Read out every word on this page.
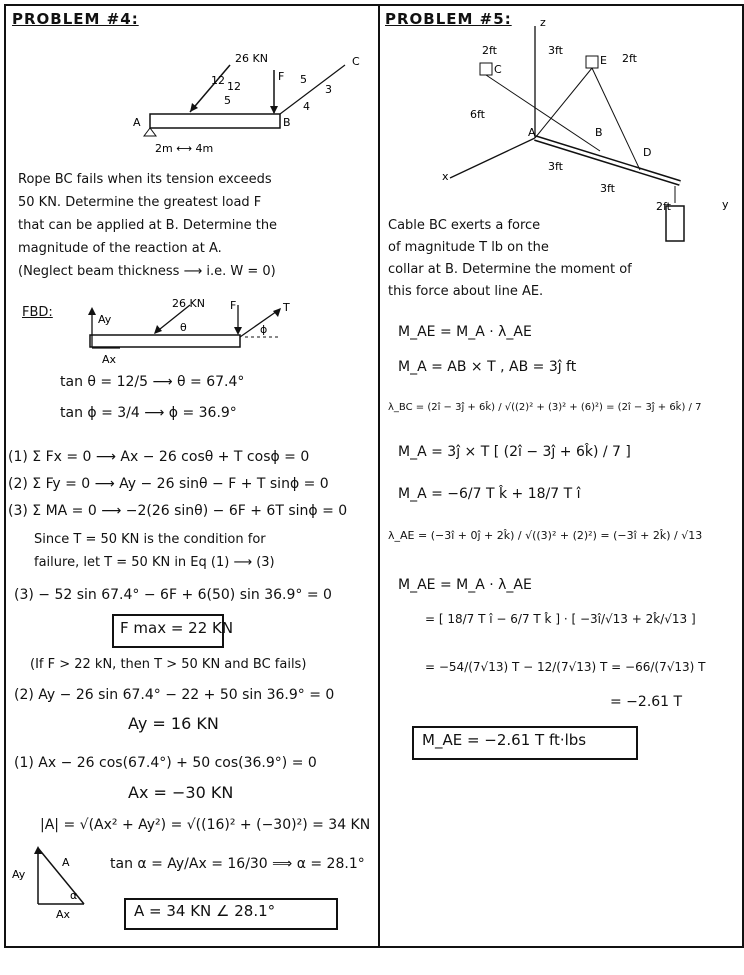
PROBLEM #4:
26 KN
12 12
5
F 5
3
4
C
A	B
2m ⟷ 4m
Rope BC fails when its tension exceeds
50 KN. Determine the greatest load F
that can be applied at B. Determine the
magnitude of the reaction at A.
(Neglect beam thickness ⟶ i.e. W = 0)
FBD:	Ay
Ax
26 KN
θ
F	T
ϕ
tan θ = 12/5 ⟶ θ = 67.4°
tan ϕ = 3/4 ⟶ ϕ = 36.9°
(1) Σ Fx = 0 ⟶ Ax − 26 cosθ + T cosϕ = 0
(2) Σ Fy = 0 ⟶ Ay − 26 sinθ − F + T sinϕ = 0
(3) Σ MA = 0 ⟶ −2(26 sinθ) − 6F + 6T sinϕ = 0
Since T = 50 KN is the condition for
failure, let T = 50 KN in Eq (1) ⟶ (3)
(3) − 52 sin 67.4° − 6F + 6(50) sin 36.9° = 0
F max = 22 KN
(If F > 22 kN, then T > 50 KN and BC fails)
(2) Ay − 26 sin 67.4° − 22 + 50 sin 36.9° = 0
Ay = 16 KN
(1) Ax − 26 cos(67.4°) + 50 cos(36.9°) = 0
Ax = −30 KN
|A| = √(Ax² + Ay²) = √((16)² + (−30)²) = 34 KN
Ay
A
Ax
α
tan α = Ay/Ax = 16/30 ⟹ α = 28.1°
A = 34 KN ∠ 28.1°
PROBLEM #5:	z
x
y
C
E
A	B
D
2ft	3ft
2ft
6ft
3ft
3ft
2ft
Cable BC exerts a force
of magnitude T lb on the
collar at B. Determine the moment of
this force about line AE.
M_AE = M_A · λ_AE
M_A = AB × T , AB = 3ĵ ft
λ_BC = (2î − 3ĵ + 6k̂) / √((2)² + (3)² + (6)²) = (2î − 3ĵ + 6k̂) / 7
M_A = 3ĵ × T [ (2î − 3ĵ + 6k̂) / 7 ]
M_A = −6/7 T k̂ + 18/7 T î
λ_AE = (−3î + 0ĵ + 2k̂) / √((3)² + (2)²) = (−3î + 2k̂) / √13
M_AE = M_A · λ_AE
= [ 18/7 T î − 6/7 T k̂ ] · [ −3î/√13 + 2k̂/√13 ]
= −54/(7√13) T − 12/(7√13) T = −66/(7√13) T
= −2.61 T
M_AE = −2.61 T ft·lbs
